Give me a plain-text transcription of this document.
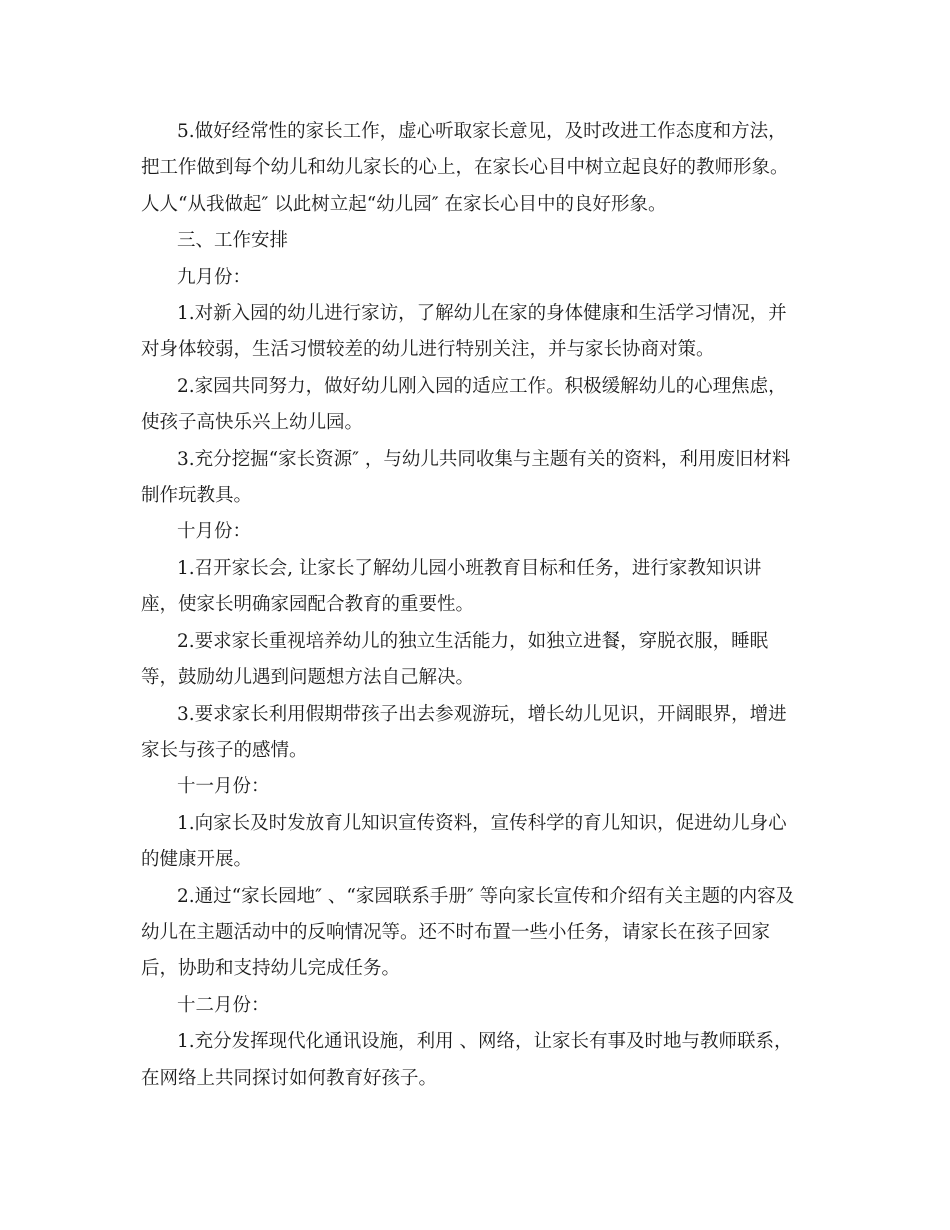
5.做好经常性的家长工作，虚心听取家长意见，及时改进工作态度和方法，

把工作做到每个幼儿和幼儿家长的心上，在家长心目中树立起良好的教师形象。

人人“从我做起″ 以此树立起“幼儿园″ 在家长心目中的良好形象。

三、工作安排

九月份：

1.对新入园的幼儿进行家访，了解幼儿在家的身体健康和生活学习情况，并

对身体较弱，生活习惯较差的幼儿进行特别关注，并与家长协商对策。

2.家园共同努力，做好幼儿刚入园的适应工作。积极缓解幼儿的心理焦虑，

使孩子高快乐兴上幼儿园。

3.充分挖掘“家长资源″ ，与幼儿共同收集与主题有关的资料，利用废旧材料

制作玩教具。

十月份：

1.召开家长会, 让家长了解幼儿园小班教育目标和任务，进行家教知识讲

座，使家长明确家园配合教育的重要性。

2.要求家长重视培养幼儿的独立生活能力，如独立进餐，穿脱衣服，睡眠

等，鼓励幼儿遇到问题想方法自己解决。

3.要求家长利用假期带孩子出去参观游玩，增长幼儿见识，开阔眼界，增进

家长与孩子的感情。

十一月份：

1.向家长及时发放育儿知识宣传资料，宣传科学的育儿知识，促进幼儿身心

的健康开展。

2.通过“家长园地″ 、“家园联系手册″ 等向家长宣传和介绍有关主题的内容及

幼儿在主题活动中的反响情况等。还不时布置一些小任务，请家长在孩子回家

后，协助和支持幼儿完成任务。

十二月份：

1.充分发挥现代化通讯设施，利用 、网络，让家长有事及时地与教师联系，

在网络上共同探讨如何教育好孩子。
